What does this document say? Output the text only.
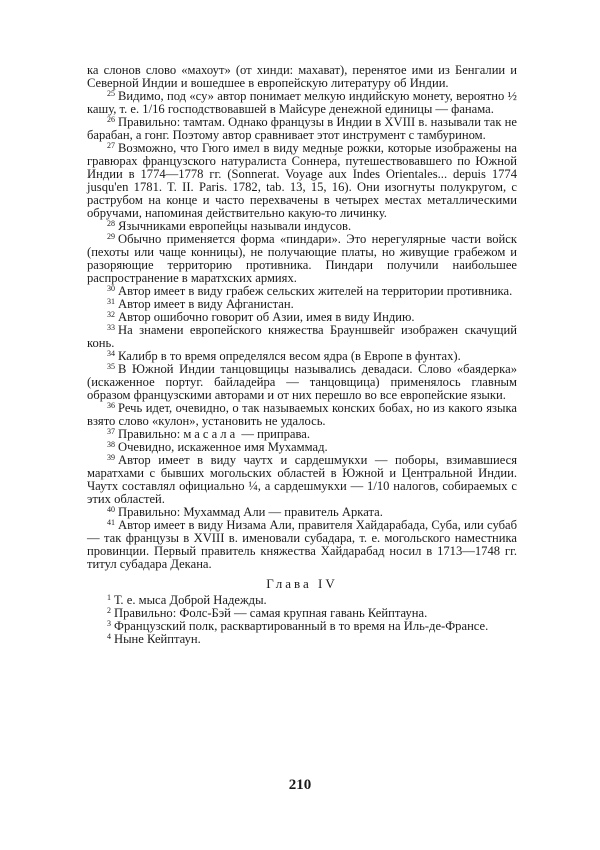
ка слонов слово «махоут» (от хинди: махават), перенятое ими из Бенгалии и Северной Индии и вошедшее в европейскую литературу об Индии.

$^{25}$ Видимо, под «су» автор понимает мелкую индийскую монету, вероятно ½ кашу, т. е. 1/16 господствовавшей в Майсуре денежной единицы — фанама.

$^{26}$ Правильно: тамтам. Однако французы в Индии в XVIII в. называли так не барабан, а гонг. Поэтому автор сравнивает этот инструмент с тамбурином.

$^{27}$ Возможно, что Гюго имел в виду медные рожки, которые изображены на гравюрах французского натуралиста Соннера́, путешествовавшего по Южной Индии в 1774—1778 гг. (Sonnerat. Voyage aux Indes Orientales... depuis 1774 jusqu'en 1781. T. II. Paris. 1782, tab. 13, 15, 16). Они изогнуты полукругом, с раструбом на конце и часто перехвачены в четырех местах металлическими обручами, напоминая действительно какую-то личинку.

$^{28}$ Язычниками европейцы называли индусов.

$^{29}$ Обычно применяется форма «пиндари». Это нерегулярные части войск (пехоты или чаще конницы), не получающие платы, но живущие грабежом и разоряющие территорию противника. Пиндари получили наибольшее распространение в маратхских армиях.

$^{30}$ Автор имеет в виду грабеж сельских жителей на территории противника.

$^{31}$ Автор имеет в виду Афганистан.

$^{32}$ Автор ошибочно говорит об Азии, имея в виду Индию.

$^{33}$ На знамени европейского княжества Брауншвейг изображен скачущий конь.

$^{34}$ Калибр в то время определялся весом ядра (в Европе в фунтах).

$^{35}$ В Южной Индии танцовщицы назывались девадаси. Слово «баядерка» (искаженное португ. байладейра — танцовщица) применялось главным образом французскими авторами и от них перешло во все европейские языки.

$^{36}$ Речь идет, очевидно, о так называемых конских бобах, но из какого языка взято слово «кулон», установить не удалось.

$^{37}$ Правильно: масала — приправа.

$^{38}$ Очевидно, искаженное имя Мухаммад.

$^{39}$ Автор имеет в виду чаутх и сардешмукхи — поборы, взимавшиеся маратхами с бывших могольских областей в Южной и Центральной Индии. Чаутх составлял официально ¼, а сардешмукхи — 1/10 налогов, собираемых с этих областей.

$^{40}$ Правильно: Мухаммад Али — правитель Арката.

$^{41}$ Автор имеет в виду Низама Али, правителя Хайдарабада, Суба, или субаб — так французы в XVIII в. именовали субадара, т. е. могольского наместника провинции. Первый правитель княжества Хайдарабад носил в 1713—1748 гг. титул субадара Декана.

Глава IV

$^1$ Т. е. мыса Доброй Надежды.

$^2$ Правильно: Фолс-Бэй — самая крупная гавань Кейптауна.

$^3$ Французский полк, расквартированный в то время на Иль-де-Франсе.

$^4$ Ныне Кейптаун.

210
